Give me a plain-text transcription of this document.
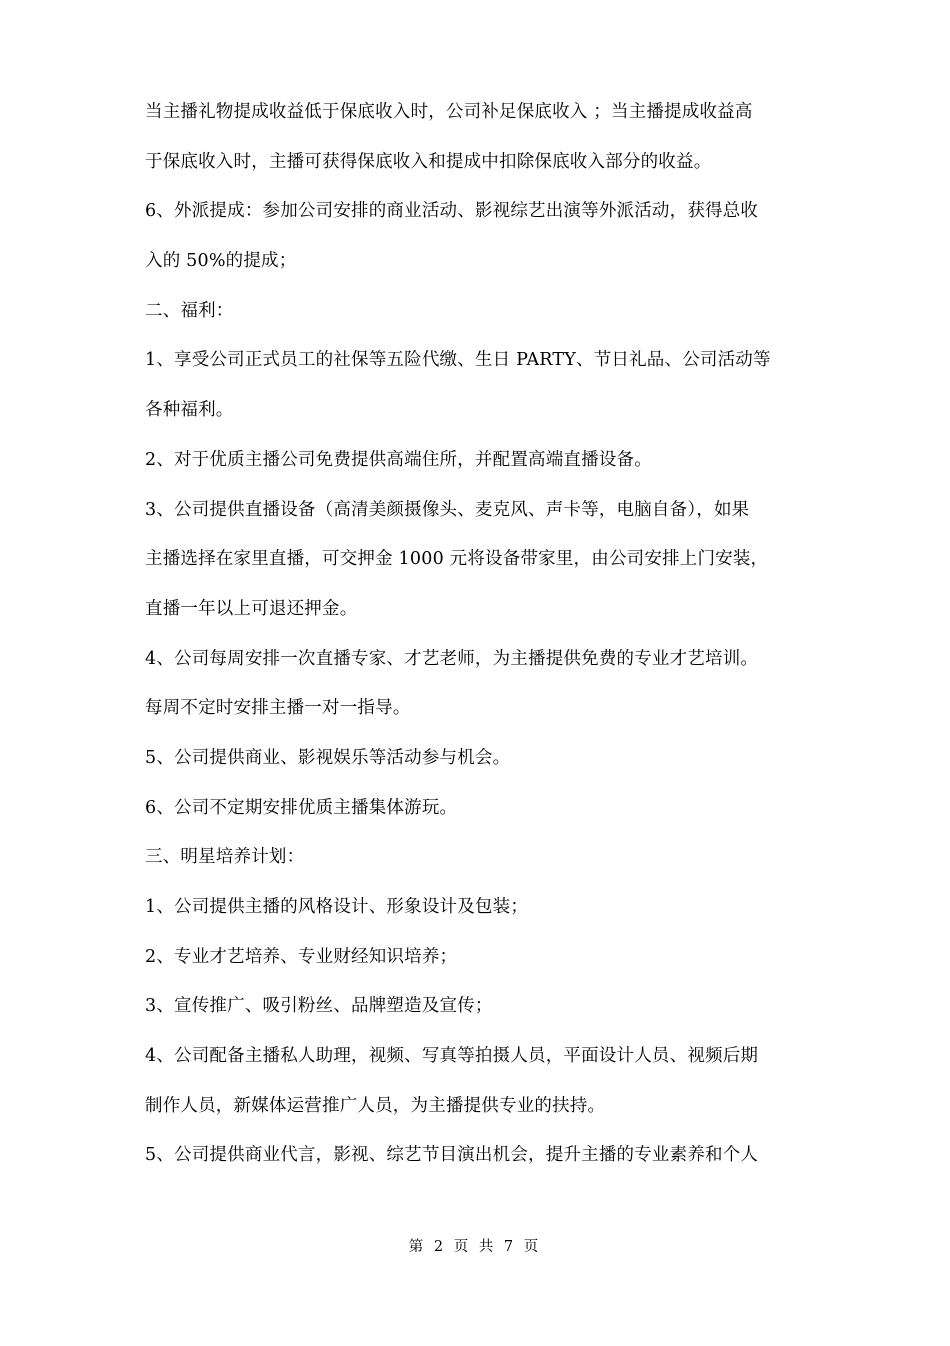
当主播礼物提成收益低于保底收入时，公司补足保底收入 ；当主播提成收益高
于保底收入时，主播可获得保底收入和提成中扣除保底收入部分的收益。
6、外派提成：参加公司安排的商业活动、影视综艺出演等外派活动，获得总收
入的 50%的提成；
二、福利：
1、享受公司正式员工的社保等五险代缴、生日 PARTY、节日礼品、公司活动等
各种福利。
2、对于优质主播公司免费提供高端住所，并配置高端直播设备。
3、公司提供直播设备（高清美颜摄像头、麦克风、声卡等，电脑自备），如果
主播选择在家里直播，可交押金 1000 元将设备带家里，由公司安排上门安装，
直播一年以上可退还押金。
4、公司每周安排一次直播专家、才艺老师，为主播提供免费的专业才艺培训。
每周不定时安排主播一对一指导。
5、公司提供商业、影视娱乐等活动参与机会。
6、公司不定期安排优质主播集体游玩。
三、明星培养计划：
1、公司提供主播的风格设计、形象设计及包装；
2、专业才艺培养、专业财经知识培养；
3、宣传推广、吸引粉丝、品牌塑造及宣传；
4、公司配备主播私人助理，视频、写真等拍摄人员，平面设计人员、视频后期
制作人员，新媒体运营推广人员，为主播提供专业的扶持。
5、公司提供商业代言，影视、综艺节目演出机会，提升主播的专业素养和个人
第 2 页 共 7 页
